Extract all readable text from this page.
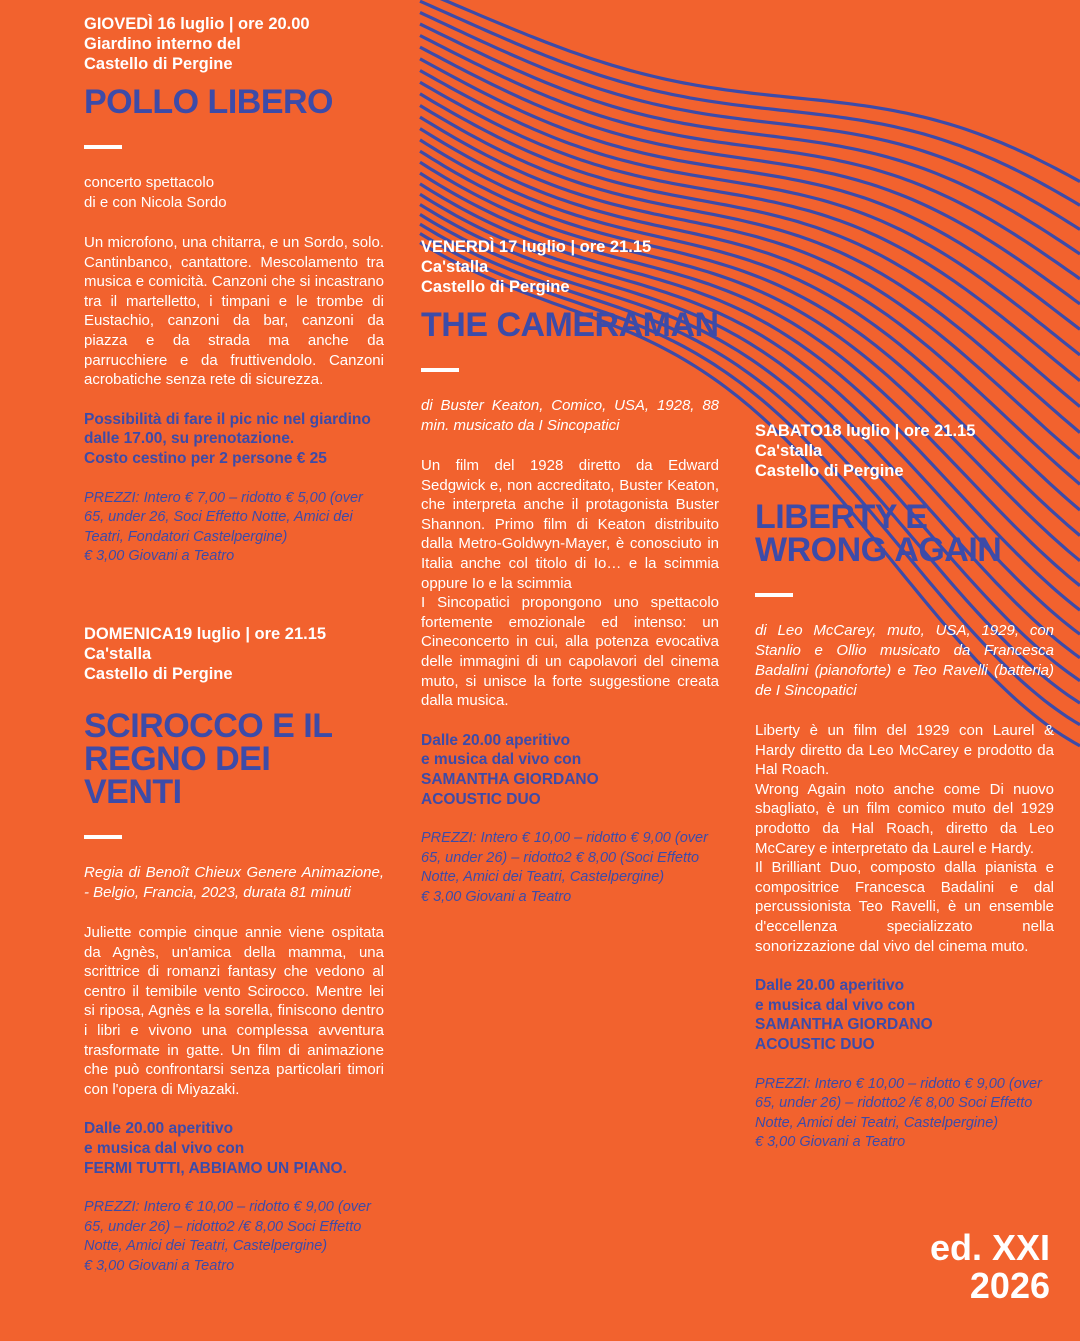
GIOVEDÌ 16 luglio | ore 20.00

Giardino interno del

Castello di Pergine

POLLO LIBERO

concerto spettacolo
di e con Nicola Sordo

Un microfono, una chitarra, e un Sordo, solo. Cantinbanco, cantattore. Mescolamento tra musica e comicità. Canzoni che si incastrano tra il martelletto, i timpani e le trombe di Eustachio, canzoni da bar, canzoni da piazza e da strada ma anche da parrucchiere e da fruttivendolo. Canzoni acrobatiche senza rete di sicurezza.

Possibilità di fare il pic nic nel giardino
dalle 17.00, su prenotazione.
Costo cestino per 2 persone € 25
PREZZI: Intero € 7,00 – ridotto € 5,00 (over 65, under 26, Soci Effetto Notte, Amici dei Teatri, Fondatori Castelpergine)
€ 3,00 Giovani a Teatro

DOMENICA19 luglio | ore 21.15

Ca'stalla

Castello di Pergine

SCIROCCO E IL
REGNO DEI
VENTI

Regia di Benoît Chieux Genere Animazione, - Belgio, Francia, 2023, durata 81 minuti

Juliette compie cinque annie viene ospitata da Agnès, un'amica della mamma, una scrittrice di romanzi fantasy che vedono al centro il temibile vento Scirocco. Mentre lei si riposa, Agnès e la sorella, finiscono dentro i libri e vivono una complessa avventura trasformate in gatte. Un film di animazione che può confrontarsi senza particolari timori con l'opera di Miyazaki.

Dalle 20.00 aperitivo
e musica dal vivo con
FERMI TUTTI, ABBIAMO UN PIANO.
PREZZI: Intero € 10,00 – ridotto € 9,00 (over 65, under 26) – ridotto2 /€ 8,00 Soci Effetto Notte, Amici dei Teatri, Castelpergine)
€ 3,00 Giovani a Teatro

VENERDÌ 17 luglio | ore 21.15

Ca'stalla

Castello di Pergine

THE CAMERAMAN

di Buster Keaton, Comico, USA, 1928, 88 min. musicato da I Sincopatici

Un film del 1928 diretto da Edward Sedgwick e, non accreditato, Buster Keaton, che interpreta anche il protagonista Buster Shannon. Primo film di Keaton distribuito dalla Metro-Goldwyn-Mayer, è conosciuto in Italia anche col titolo di Io… e la scimmia oppure Io e la scimmia

I Sincopatici propongono uno spettacolo fortemente emozionale ed intenso: un Cineconcerto in cui, alla potenza evocativa delle immagini di un capolavori del cinema muto, si unisce la forte suggestione creata dalla musica.

Dalle 20.00 aperitivo
e musica dal vivo con
SAMANTHA GIORDANO
ACOUSTIC DUO
PREZZI: Intero € 10,00 – ridotto € 9,00 (over 65, under 26) – ridotto2 € 8,00 (Soci Effetto Notte, Amici dei Teatri, Castelpergine)
€ 3,00 Giovani a Teatro

SABATO18 luglio | ore 21.15

Ca'stalla

Castello di Pergine

LIBERTY E
WRONG AGAIN

di Leo McCarey, muto, USA, 1929, con Stanlio e Ollio musicato da Francesca Badalini (pianoforte) e Teo Ravelli (batteria) de I Sincopatici

Liberty è un film del 1929 con Laurel & Hardy diretto da Leo McCarey e prodotto da Hal Roach.

Wrong Again noto anche come Di nuovo sbagliato, è un film comico muto del 1929 prodotto da Hal Roach, diretto da Leo McCarey e interpretato da Laurel e Hardy.

Il Brilliant Duo, composto dalla pianista e compositrice Francesca Badalini e dal percussionista Teo Ravelli, è un ensemble d'eccellenza specializzato nella sonorizzazione dal vivo del cinema muto.

Dalle 20.00 aperitivo
e musica dal vivo con
SAMANTHA GIORDANO
ACOUSTIC DUO
PREZZI: Intero € 10,00 – ridotto € 9,00 (over 65, under 26) – ridotto2 /€ 8,00 Soci Effetto Notte, Amici dei Teatri, Castelpergine)
€ 3,00 Giovani a Teatro
ed. XXI
2026
